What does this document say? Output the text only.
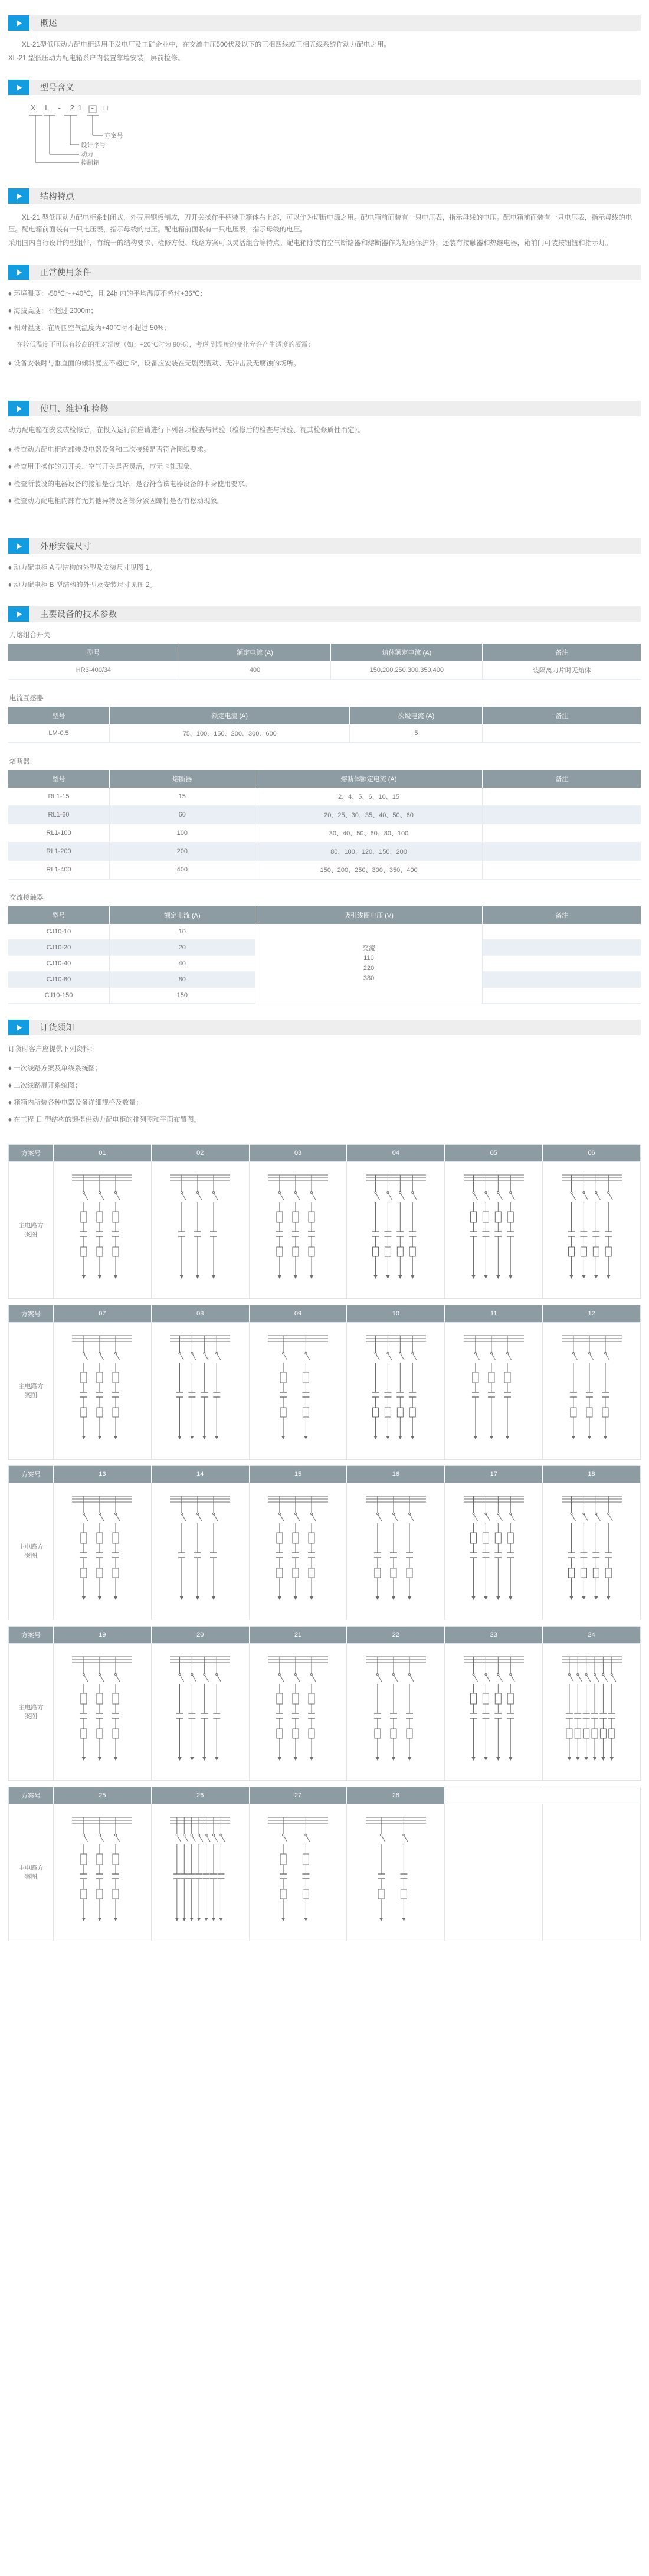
概述

XL-21型低压动力配电柜适用于发电厂及工矿企业中，在交流电压500伏及以下的三相四线或三相五线系统作动力配电之用。

XL-21 型低压动力配电箱系户内装置靠墙安装，屏前检修。

型号含义
X L - 21 - □
方案号
设计序号
动力
控制箱
结构特点

XL-21 型低压动力配电柜系封闭式，外壳用钢板制成，刀开关操作手柄装于箱体右上部，可以作为切断电源之用。配电箱前面装有一只电压表，指示母线的电压。配电箱前面装有一只电压表，指示母线的电压。配电箱前面装有一只电压表，指示母线的电压。配电箱前面装有一只电压表，指示母线的电压。

采用国内自行设计的型组件，有统一的结构要求、检修方便、线路方案可以灵活组合等特点。配电箱除装有空气断路器和熔断器作为短路保护外，还装有接触器和热继电器，箱前门可装按钮钮和指示灯。

正常使用条件

♦ 环境温度：-50℃～+40℃，且 24h 内的平均温度不超过+36℃；

♦ 海拔高度：不超过 2000m；

♦ 相对湿度：在周围空气温度为+40℃时不超过 50%；

在较低温度下可以有较高的相对湿度（如：+20℃时为 90%），考虑 到温度的变化允许产生适度的凝露；

♦ 设备安装时与垂直面的倾斜度应不超过 5°，设备应安装在无剧烈震动、无冲击及无腐蚀的场所。

使用、维护和检修

动力配电箱在安装或检修后，在投入运行前应请进行下列各项检查与试验（检修后的检查与试验、视其检修质性而定）。

♦ 检查动力配电柜内部装设电器设备和二次接线是否符合图纸要求。

♦ 检查用于操作的刀开关、空气开关是否灵活，应无卡轧现象。

♦ 检查所装设的电器设备的接触是否良好，是否符合该电器设备的本身使用要求。

♦ 检查动力配电柜内部有无其他异物及各部分紧固螺钉是否有松动现象。

外形安装尺寸

♦ 动力配电柜 A 型结构的外型及安装尺寸见图 1。

♦ 动力配电柜 B 型结构的外型及安装尺寸见图 2。

主要设备的技术参数
刀熔组合开关
型号	额定电流 (A)	熔体额定电流 (A)	备注
HR3-400/34	400	150,200,250,300,350,400	装隔离刀片时无熔体
电流互感器
型号	额定电流 (A)	次级电流 (A)	备注
LM-0.5	75、100、150、200、300、600	5	
熔断器
型号	熔断器	熔断体额定电流 (A)	备注
RL1-15	15	2、4、5、6、10、15	
RL1-60	60	20、25、30、35、40、50、60	
RL1-100	100	30、40、50、60、80、100	
RL1-200	200	80、100、120、150、200	
RL1-400	400	150、200、250、300、350、400	
交流接触器
型号	额定电流 (A)	吸引线圈电压 (V)	备注
CJ10-10	10	交流
110
220
380	

CJ10-20	20		
CJ10-40	40		
CJ10-80	80		
CJ10-150	150		
订货须知

订货时客户应提供下列资料：

♦ 一次线路方案及单线系统图；

♦ 二次线路展开系统图；

♦ 箱箱内所装各种电器设备详细规格及数量；

♦ 在工程 日 型结构的馈提供动力配电柜的排列图和平面布置图。

方案号	01	02	03	04	05	06
主电路方案图	

方案号	07	08	09	10	11	12
主电路方案图	

方案号	13	14	15	16	17	18
主电路方案图	

方案号	19	20	21	22	23	24
主电路方案图	

方案号	25	26	27	28		
主电路方案图	
